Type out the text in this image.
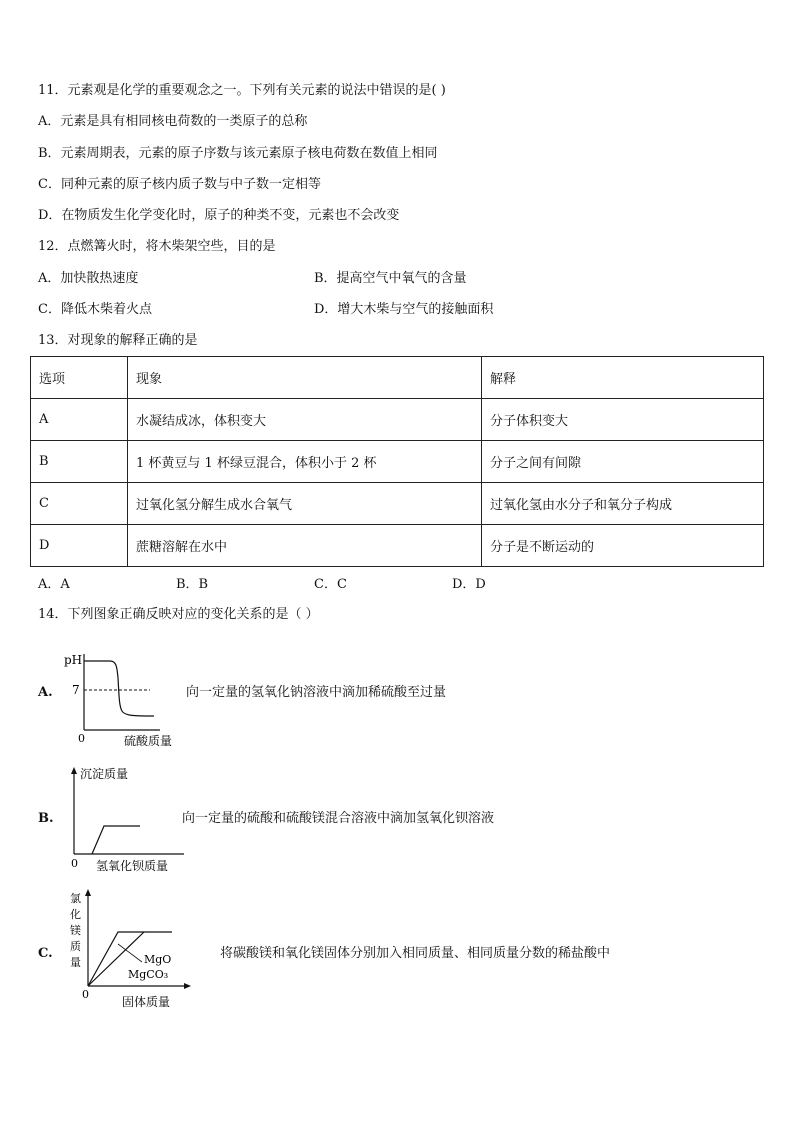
11．元素观是化学的重要观念之一。下列有关元素的说法中错误的是( )
A．元素是具有相同核电荷数的一类原子的总称
B．元素周期表，元素的原子序数与该元素原子核电荷数在数值上相同
C．同种元素的原子核内质子数与中子数一定相等
D．在物质发生化学变化时，原子的种类不变，元素也不会改变
12．点燃篝火时，将木柴架空些，目的是
A．加快散热速度	B．提高空气中氧气的含量
C．降低木柴着火点	D．增大木柴与空气的接触面积
13．对现象的解释正确的是
选项	现象	解释
A	水凝结成冰，体积变大	分子体积变大
B	1 杯黄豆与 1 杯绿豆混合，体积小于 2 杯	分子之间有间隙
C	过氧化氢分解生成水合氧气	过氧化氢由水分子和氧分子构成
D	蔗糖溶解在水中	分子是不断运动的
A．A	B．B	C．C	D．D
14．下列图象正确反映对应的变化关系的是（ ）
A.
pH
7
0	硫酸质量
向一定量的氢氧化钠溶液中滴加稀硫酸至过量
B.
沉淀质量
0 氢氧化钡质量
向一定量的硫酸和硫酸镁混合溶液中滴加氢氧化钡溶液
C.
氯
化
镁
质
量	MgO
MgCO₃
0
固体质量
将碳酸镁和氧化镁固体分别加入相同质量、相同质量分数的稀盐酸中
